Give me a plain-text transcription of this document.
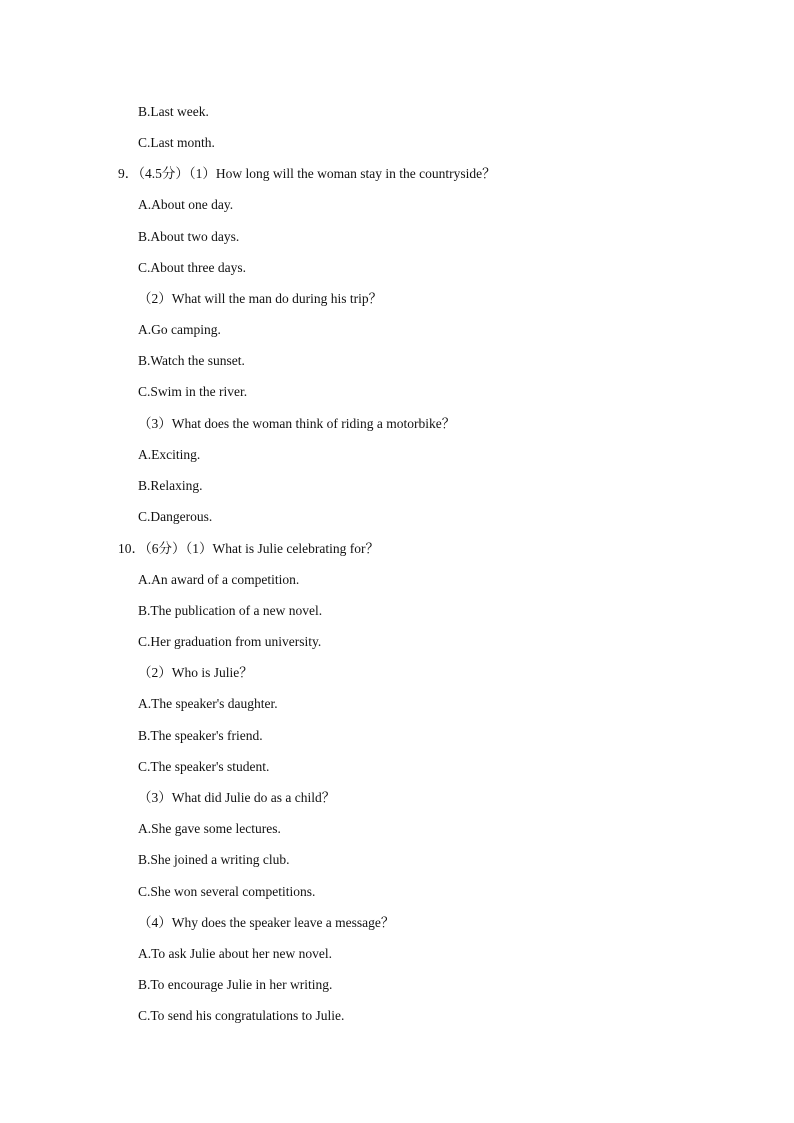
B.Last week.
C.Last month.
9．（4.5分）（1）How long will the woman stay in the countryside？
A.About one day.
B.About two days.
C.About three days.
（2）What will the man do during his trip？
A.Go camping.
B.Watch the sunset.
C.Swim in the river.
（3）What does the woman think of riding a motorbike？
A.Exciting.
B.Relaxing.
C.Dangerous.
10．（6分）（1）What is Julie celebrating for？
A.An award of a competition.
B.The publication of a new novel.
C.Her graduation from university.
（2）Who is Julie？
A.The speaker's daughter.
B.The speaker's friend.
C.The speaker's student.
（3）What did Julie do as a child？
A.She gave some lectures.
B.She joined a writing club.
C.She won several competitions.
（4）Why does the speaker leave a message？
A.To ask Julie about her new novel.
B.To encourage Julie in her writing.
C.To send his congratulations to Julie.
